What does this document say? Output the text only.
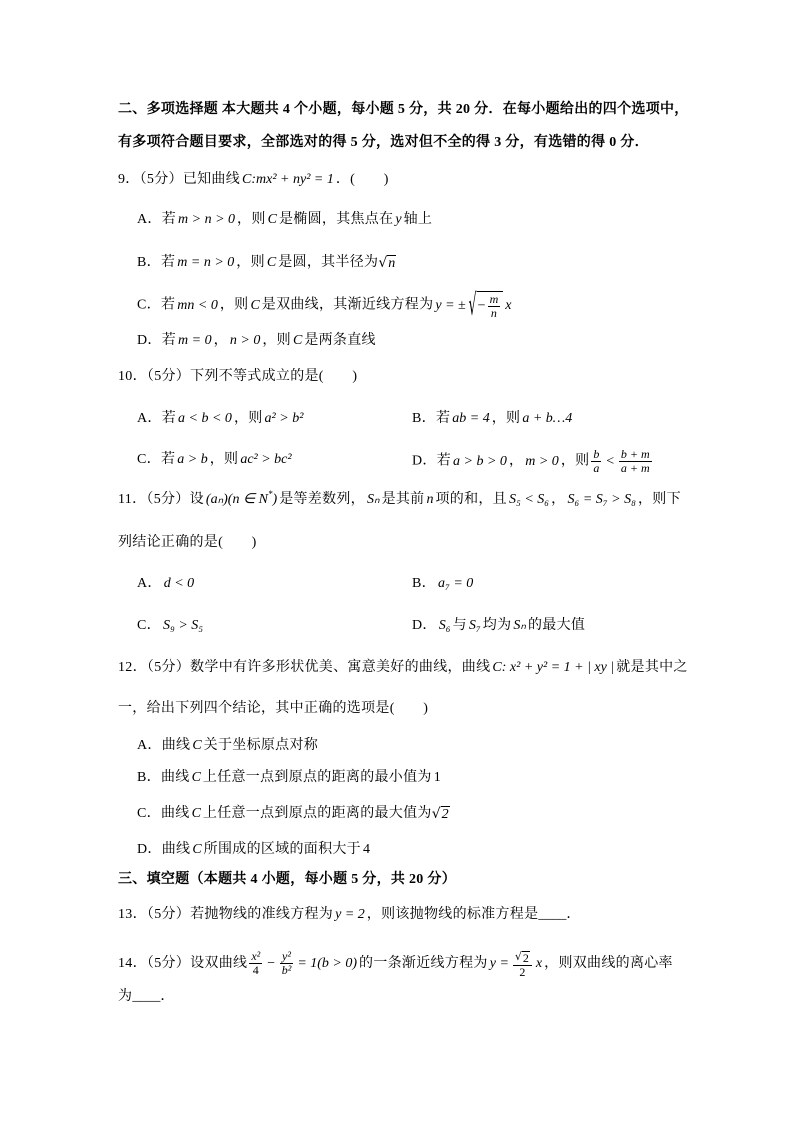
二、多项选择题 本大题共 4 个小题，每小题 5 分，共 20 分．在每小题给出的四个选项中，
有多项符合题目要求，全部选对的得 5 分，选对但不全的得 3 分，有选错的得 0 分．
9．（5分）已知曲线 C:mx² + ny² = 1 ．(　　)
A．若 m > n > 0 ，则 C 是椭圆，其焦点在 y 轴上
B．若 m = n > 0 ，则 C 是圆，其半径为√n
C．若 mn < 0 ，则 C 是双曲线，其渐近线方程为 y = ± √− $\frac{m}{n}$ x
D．若 m = 0 ， n > 0 ，则 C 是两条直线
10．（5分）下列不等式成立的是(　　)
A．若 a < b < 0 ，则 a² > b²	B．若 ab = 4 ，则 a + b…4
C．若 a > b ，则 ac² > bc²	D．若 a > b > 0 ， m > 0 ，则 $\frac{b}{a} < \frac{b + m}{a + m}$
11．（5分）设 (aₙ)(n ∈ N*) 是等差数列， Sₙ 是其前 n 项的和，且 S₅ < S₆ ， S₆ = S₇ > S₈ ，则下
列结论正确的是(　　)
A． d < 0	B． a₇ = 0
C． S₉ > S₅	D． S₆ 与 S₇ 均为 Sₙ 的最大值
12．（5分）数学中有许多形状优美、寓意美好的曲线，曲线 C: x² + y² = 1 + | xy | 就是其中之
一，给出下列四个结论，其中正确的选项是(　　)
A．曲线 C 关于坐标原点对称
B．曲线 C 上任意一点到原点的距离的最小值为 1
C．曲线 C 上任意一点到原点的距离的最大值为√2
D．曲线 C 所围成的区域的面积大于 4
三、填空题（本题共 4 小题，每小题 5 分，共 20 分）
13．（5分）若抛物线的准线方程为 y = 2 ，则该抛物线的标准方程是____．
14．（5分）设双曲线 $\frac{\text{x²}}{4} - \frac{\text{y²}}{\text{b²}} = 1(b > 0)$ 的一条渐近线方程为 $y = \frac{√2}{2}$ x ，则双曲线的离心率
为____．
